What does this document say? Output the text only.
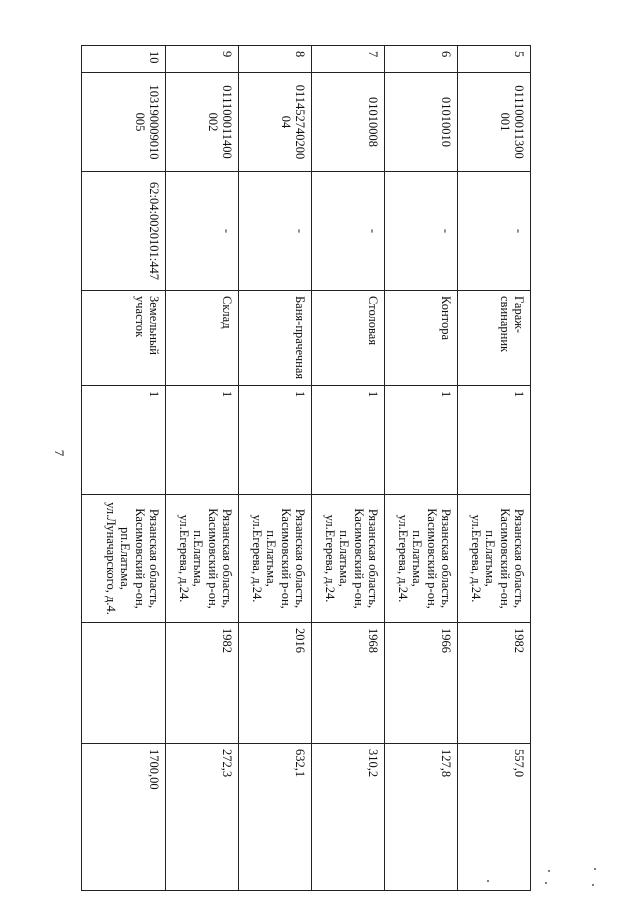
7
5	011100011300 001	-	Гараж-свинарник	1	Рязанская область, Касимовский р-он, п.Елатьма, ул.Егерева, д.24.	1982	557,0
6	01010010	-	Контора	1	Рязанская область, Касимовский р-он, п.Елатьма, ул.Егерева, д.24.	1966	127,8
7	01010008	-	Столовая	1	Рязанская область, Касимовский р-он, п.Елатьма, ул.Егерева, д.24.	1968	310,2
8	011452740200 04	-	Баня-прачечная	1	Рязанская область, Касимовский р-он, п.Елатьма, ул.Егерева, д.24.	2016	632,1
9	011100011400 002	-	Склад	1	Рязанская область, Касимовский р-он, п.Елатьма, ул.Егерева, д.24.	1982	272,3
10	103190009010 005	62:04:0020101:447	Земельный участок	1	Рязанская область, Касимовский р-он, рп.Елатьма, ул.Луначарского, д.4.		1700,00
